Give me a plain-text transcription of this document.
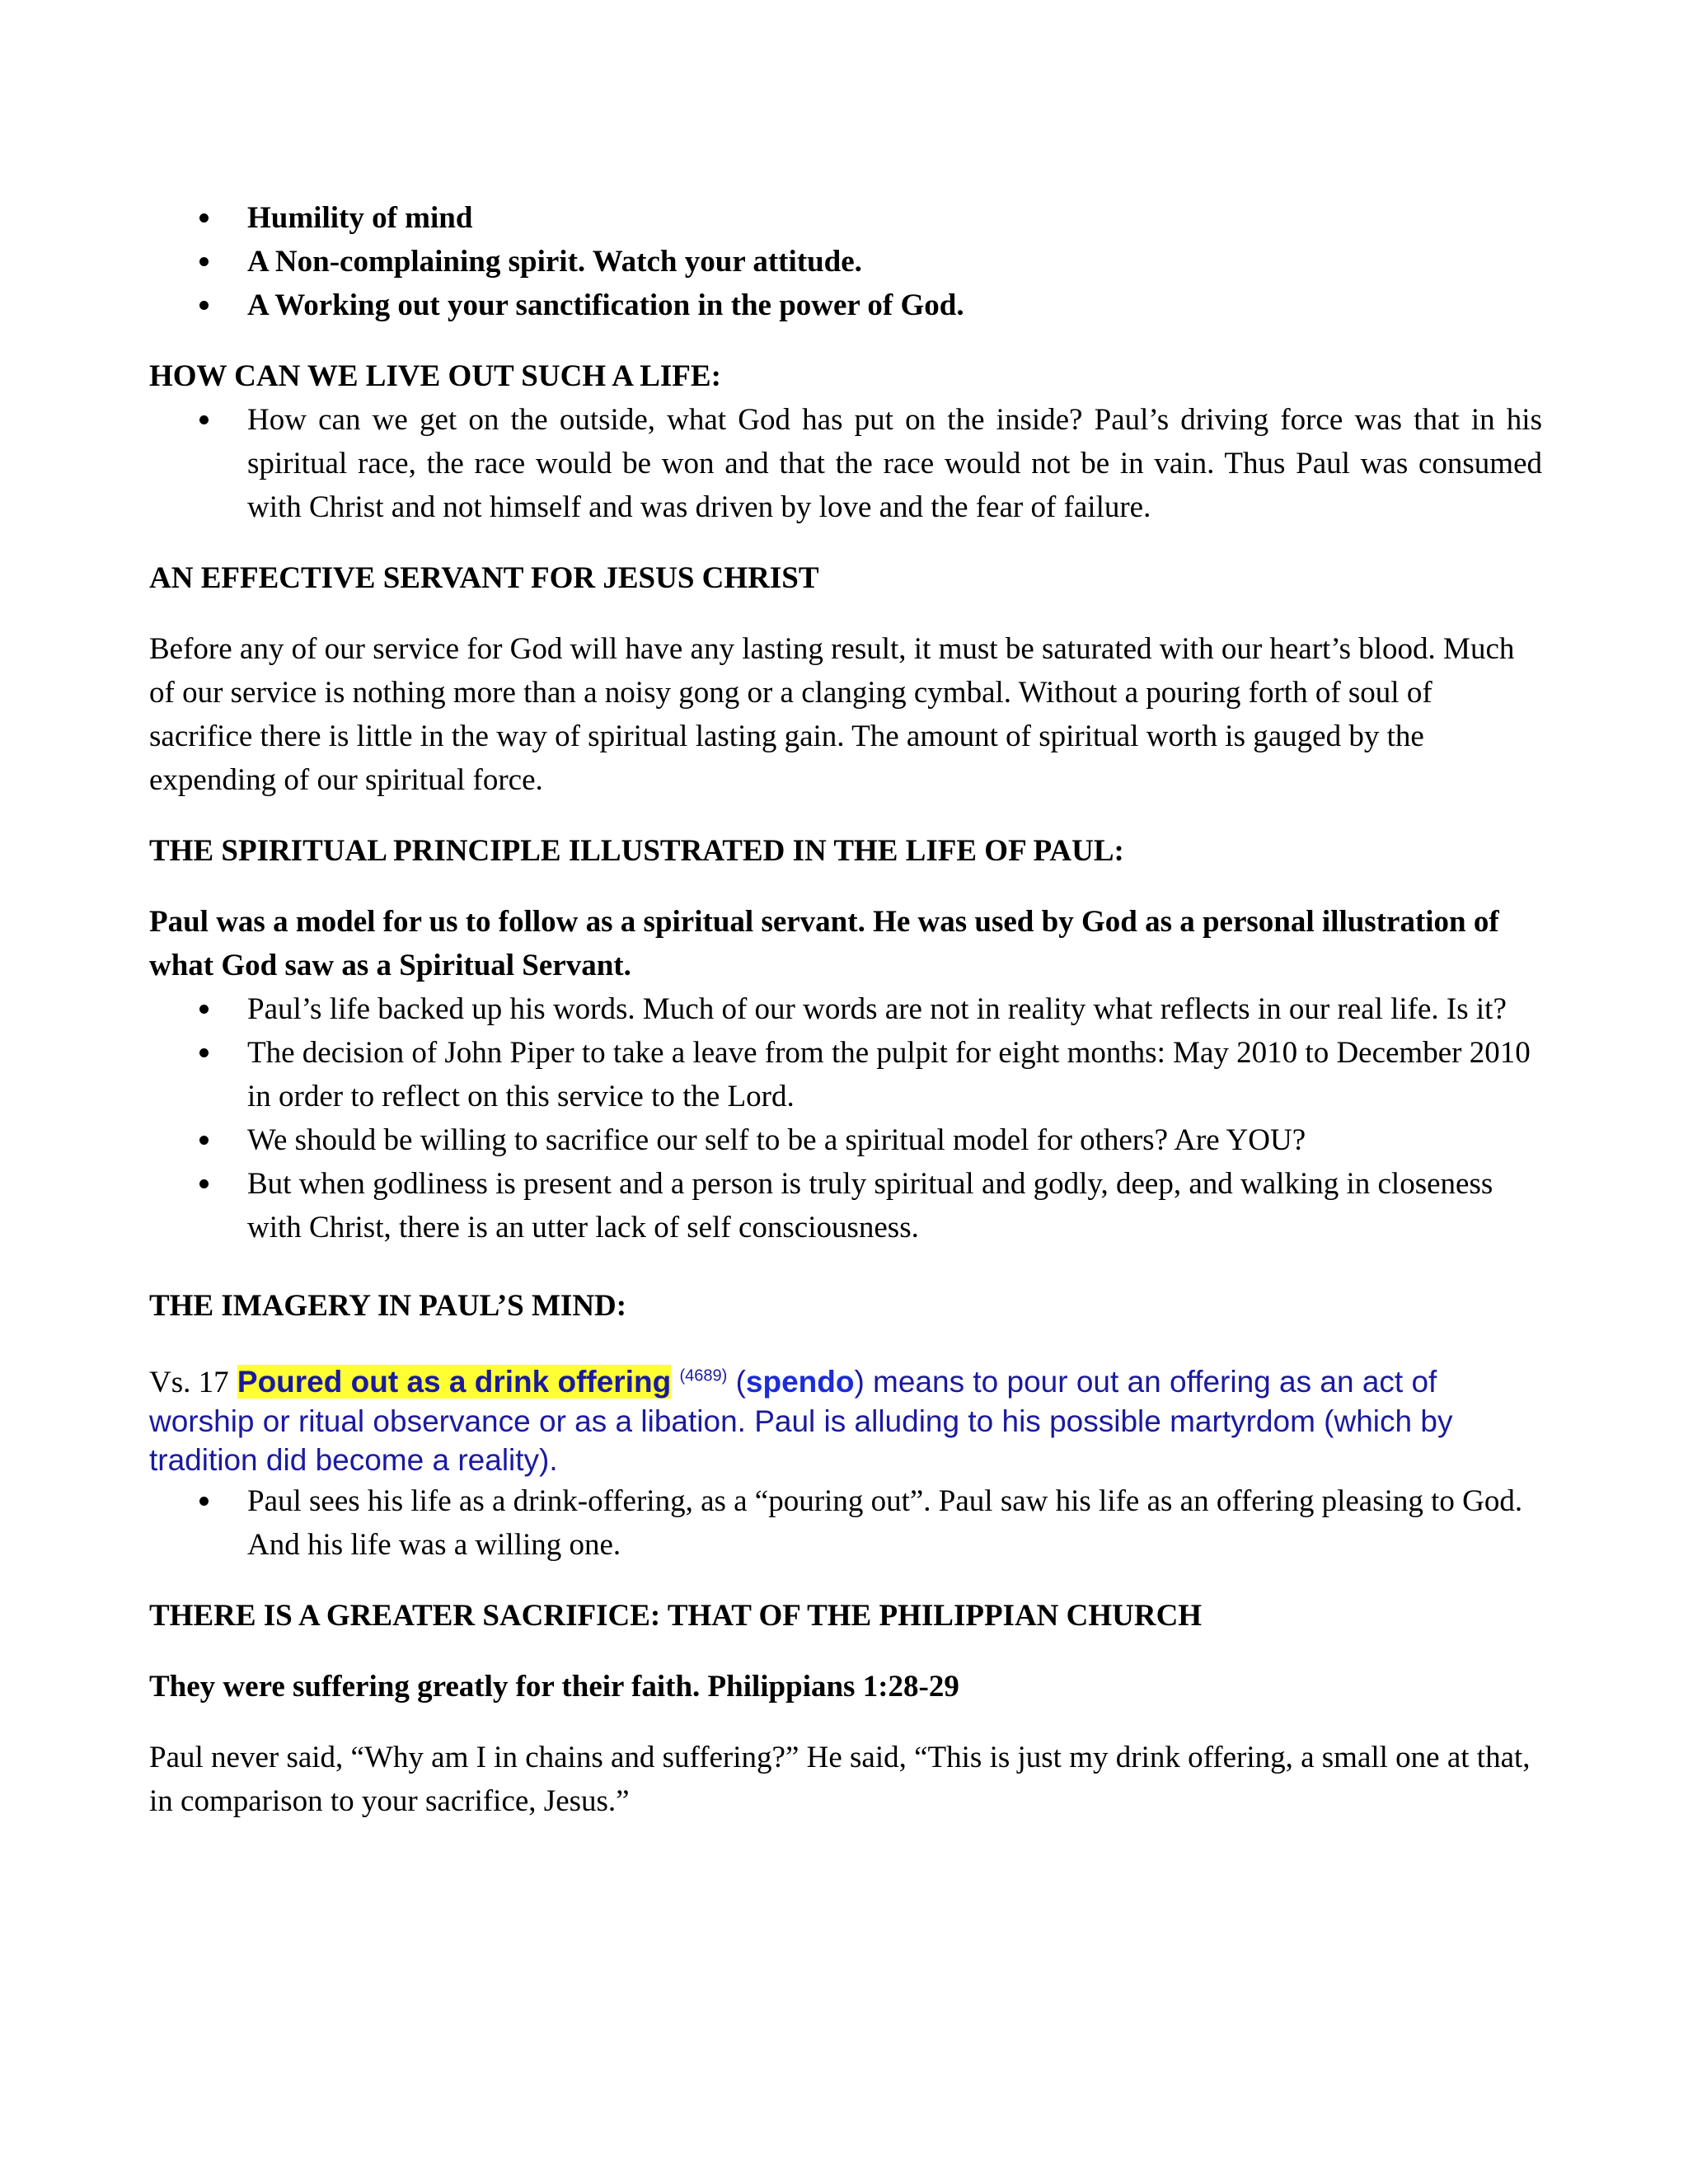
Humility of mind
A Non-complaining spirit. Watch your attitude.
A Working out your sanctification in the power of God.
HOW CAN WE LIVE OUT SUCH A LIFE:
How can we get on the outside, what God has put on the inside? Paul’s driving force was that in his spiritual race, the race would be won and that the race would not be in vain. Thus Paul was consumed with Christ and not himself and was driven by love and the fear of failure.
AN EFFECTIVE SERVANT FOR JESUS CHRIST

Before any of our service for God will have any lasting result, it must be saturated with our heart’s blood. Much of our service is nothing more than a noisy gong or a clanging cymbal. Without a pouring forth of soul of sacrifice there is little in the way of spiritual lasting gain. The amount of spiritual worth is gauged by the expending of our spiritual force.

THE SPIRITUAL PRINCIPLE ILLUSTRATED IN THE LIFE OF PAUL:

Paul was a model for us to follow as a spiritual servant. He was used by God as a personal illustration of what God saw as a Spiritual Servant.

Paul’s life backed up his words. Much of our words are not in reality what reflects in our real life. Is it?
The decision of John Piper to take a leave from the pulpit for eight months: May 2010 to December 2010 in order to reflect on this service to the Lord.
We should be willing to sacrifice our self to be a spiritual model for others? Are YOU?
But when godliness is present and a person is truly spiritual and godly, deep, and walking in closeness with Christ, there is an utter lack of self consciousness.
THE IMAGERY IN PAUL’S MIND:

Vs. 17 Poured out as a drink offering $^{(4689)}$ (spendo) means to pour out an offering as an act of worship or ritual observance or as a libation. Paul is alluding to his possible martyrdom (which by tradition did become a reality).

Paul sees his life as a drink-offering, as a “pouring out”. Paul saw his life as an offering pleasing to God. And his life was a willing one.
THERE IS A GREATER SACRIFICE: THAT OF THE PHILIPPIAN CHURCH

They were suffering greatly for their faith. Philippians 1:28-29

Paul never said, “Why am I in chains and suffering?” He said, “This is just my drink offering, a small one at that, in comparison to your sacrifice, Jesus.”
